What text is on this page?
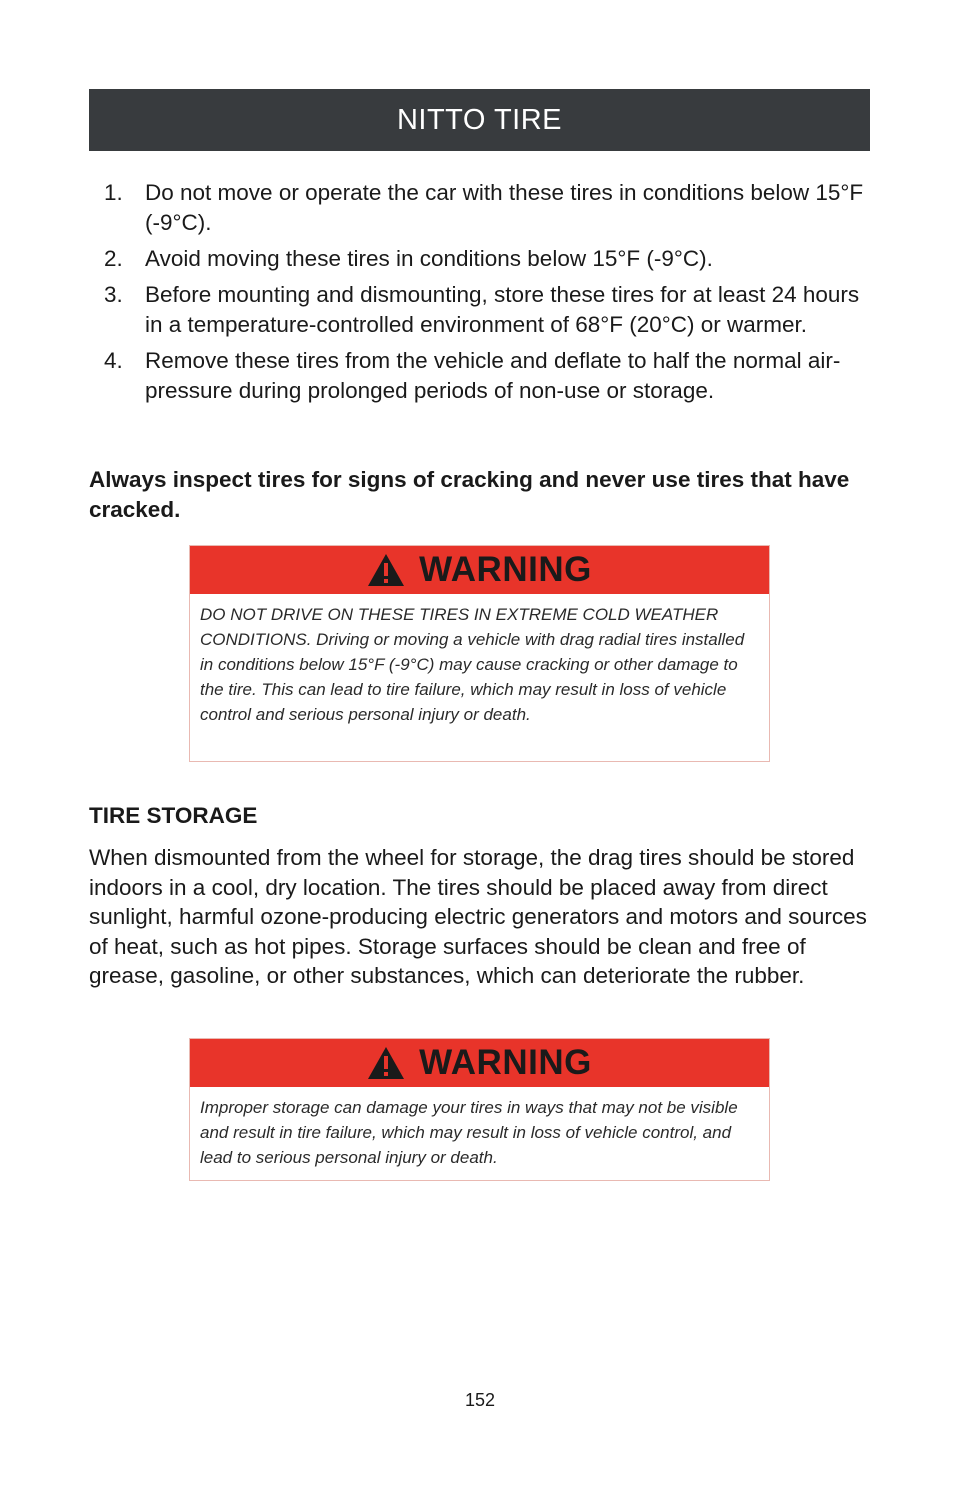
NITTO TIRE
1. Do not move or operate the car with these tires in conditions below 15°F (-9°C).
2. Avoid moving these tires in conditions below 15°F (-9°C).
3. Before mounting and dismounting, store these tires for at least 24 hours in a temperature-controlled environment of 68°F (20°C) or warmer.
4. Remove these tires from the vehicle and deflate to half the normal air-pressure during prolonged periods of non-use or storage.
Always inspect tires for signs of cracking and never use tires that have cracked.
WARNING
DO NOT DRIVE ON THESE TIRES IN EXTREME COLD WEATHER CONDITIONS. Driving or moving a vehicle with drag radial tires installed in conditions below 15°F (-9°C) may cause cracking or other damage to the tire. This can lead to tire failure, which may result in loss of vehicle control and serious personal injury or death.
TIRE STORAGE
When dismounted from the wheel for storage, the drag tires should be stored indoors in a cool, dry location. The tires should be placed away from direct sunlight, harmful ozone-producing electric generators and motors and sources of heat, such as hot pipes. Storage surfaces should be clean and free of grease, gasoline, or other substances, which can deteriorate the rubber.
WARNING
Improper storage can damage your tires in ways that may not be visible and result in tire failure, which may result in loss of vehicle control, and lead to serious personal injury or death.
152
